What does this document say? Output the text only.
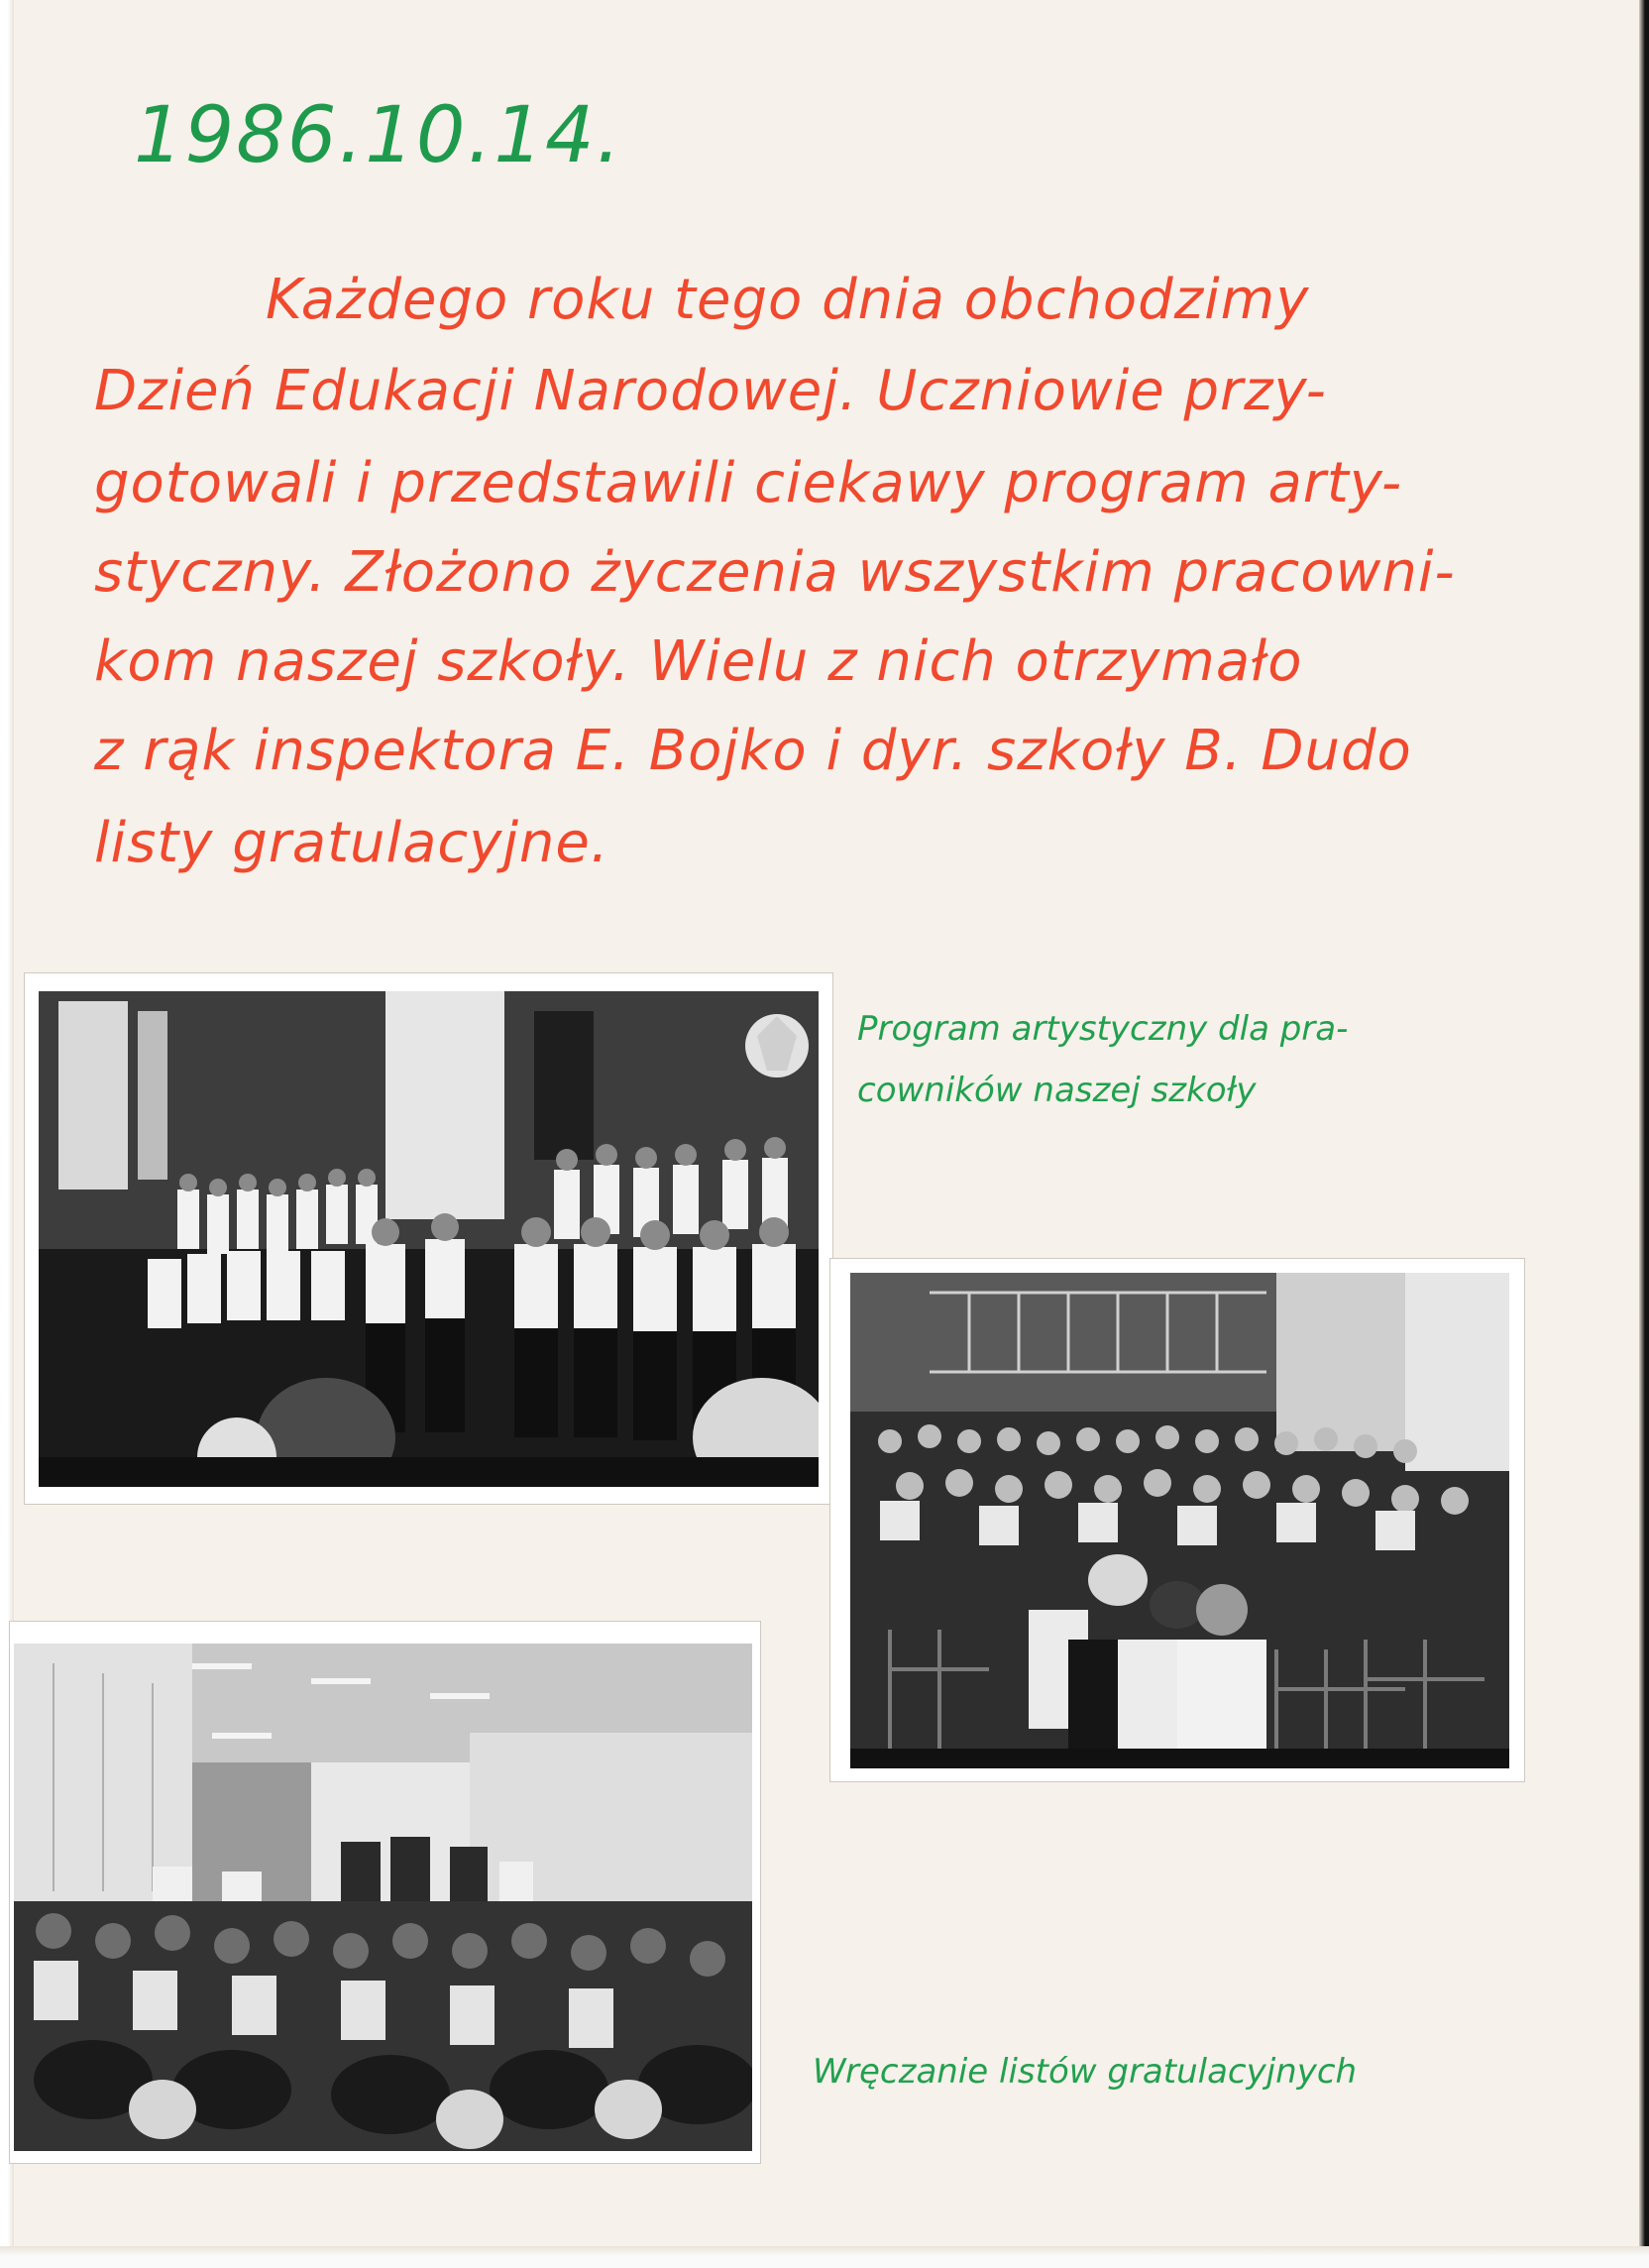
1986.10.14.

Każdego roku tego dnia obchodzimy

Dzień Edukacji Narodowej. Uczniowie przy-

gotowali i przedstawili ciekawy program arty-

styczny. Złożono życzenia wszystkim pracowni-

kom naszej szkoły. Wielu z nich otrzymało

z rąk inspektora E. Bojko i dyr. szkoły B. Dudo

listy gratulacyjne.

Program artystyczny dla pra-

cowników naszej szkoły

Wręczanie listów gratulacyjnych
